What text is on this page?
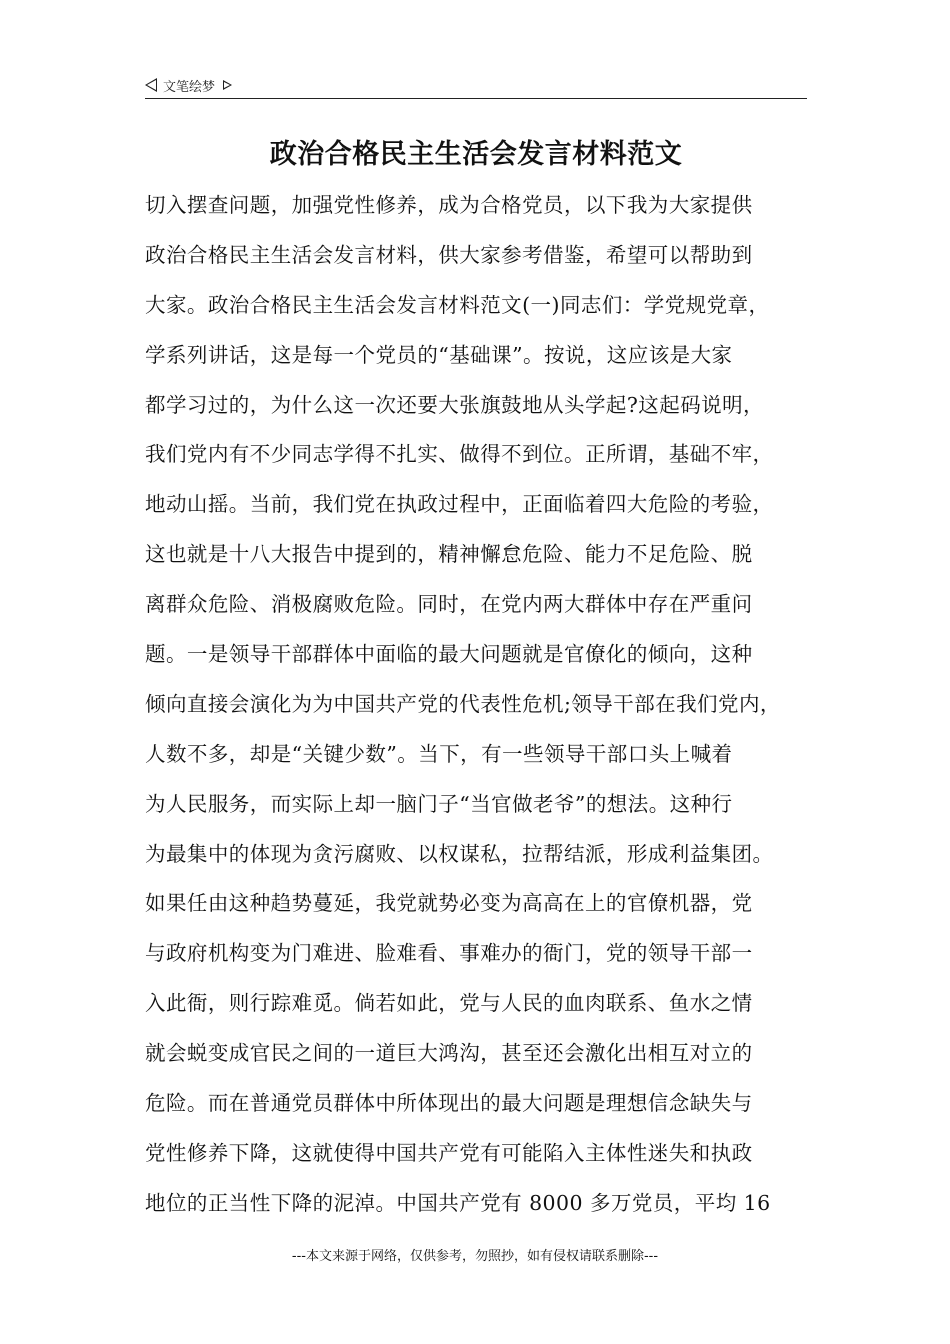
文笔绘梦
政治合格民主生活会发言材料范文
切入摆查问题，加强党性修养，成为合格党员，以下我为大家提供
政治合格民主生活会发言材料，供大家参考借鉴，希望可以帮助到
大家。政治合格民主生活会发言材料范文(一)同志们：学党规党章，
学系列讲话，这是每一个党员的“基础课”。按说，这应该是大家
都学习过的，为什么这一次还要大张旗鼓地从头学起?这起码说明，
我们党内有不少同志学得不扎实、做得不到位。正所谓，基础不牢，
地动山摇。当前，我们党在执政过程中，正面临着四大危险的考验，
这也就是十八大报告中提到的，精神懈怠危险、能力不足危险、脱
离群众危险、消极腐败危险。同时，在党内两大群体中存在严重问
题。一是领导干部群体中面临的最大问题就是官僚化的倾向，这种
倾向直接会演化为为中国共产党的代表性危机;领导干部在我们党内，
人数不多，却是“关键少数”。当下，有一些领导干部口头上喊着
为人民服务，而实际上却一脑门子“当官做老爷”的想法。这种行
为最集中的体现为贪污腐败、以权谋私，拉帮结派，形成利益集团。
如果任由这种趋势蔓延，我党就势必变为高高在上的官僚机器，党
与政府机构变为门难进、脸难看、事难办的衙门，党的领导干部一
入此衙，则行踪难觅。倘若如此，党与人民的血肉联系、鱼水之情
就会蜕变成官民之间的一道巨大鸿沟，甚至还会激化出相互对立的
危险。而在普通党员群体中所体现出的最大问题是理想信念缺失与
党性修养下降，这就使得中国共产党有可能陷入主体性迷失和执政
地位的正当性下降的泥淖。中国共产党有 8000 多万党员，平均 16
---本文来源于网络，仅供参考，勿照抄，如有侵权请联系删除---
